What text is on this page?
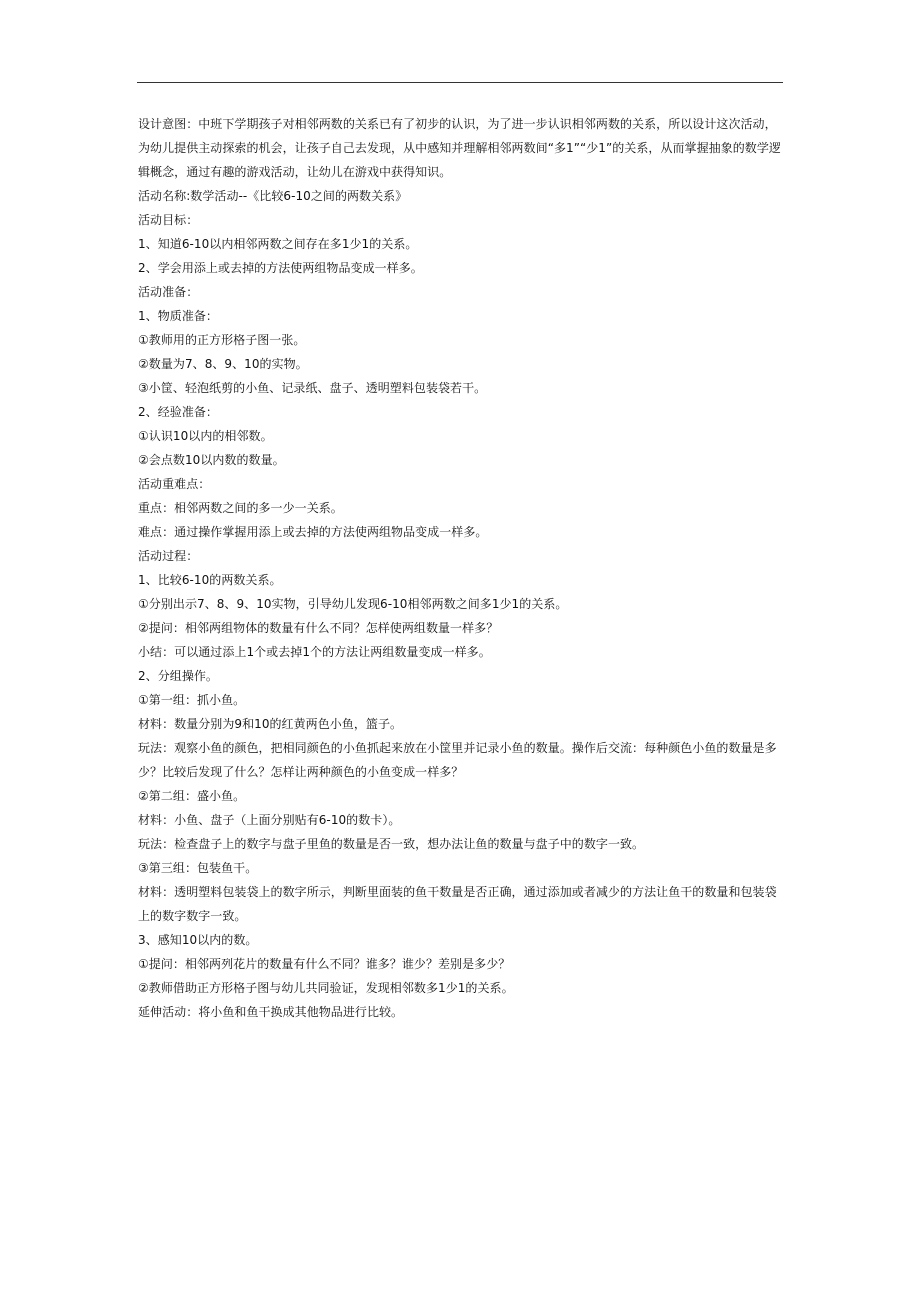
设计意图：中班下学期孩子对相邻两数的关系已有了初步的认识，为了进一步认识相邻两数的关系，所以设计这次活动，为幼儿提供主动探索的机会，让孩子自己去发现，从中感知并理解相邻两数间“多1”“少1”的关系，从而掌握抽象的数学逻辑概念，通过有趣的游戏活动，让幼儿在游戏中获得知识。

活动名称:数学活动--《比较6-10之间的两数关系》

活动目标：

1、知道6-10以内相邻两数之间存在多1少1的关系。

2、学会用添上或去掉的方法使两组物品变成一样多。

活动准备：

1、物质准备：

①教师用的正方形格子图一张。

②数量为7、8、9、10的实物。

③小筐、轻泡纸剪的小鱼、记录纸、盘子、透明塑料包装袋若干。

2、经验准备：

①认识10以内的相邻数。

②会点数10以内数的数量。

活动重难点：

重点：相邻两数之间的多一少一关系。

难点：通过操作掌握用添上或去掉的方法使两组物品变成一样多。

活动过程：

1、比较6-10的两数关系。

①分别出示7、8、9、10实物，引导幼儿发现6-10相邻两数之间多1少1的关系。

②提问：相邻两组物体的数量有什么不同？怎样使两组数量一样多？

小结：可以通过添上1个或去掉1个的方法让两组数量变成一样多。

2、分组操作。

①第一组：抓小鱼。

材料：数量分别为9和10的红黄两色小鱼，篮子。

玩法：观察小鱼的颜色，把相同颜色的小鱼抓起来放在小筐里并记录小鱼的数量。操作后交流：每种颜色小鱼的数量是多少？比较后发现了什么？怎样让两种颜色的小鱼变成一样多？

②第二组：盛小鱼。

材料：小鱼、盘子（上面分别贴有6-10的数卡）。

玩法：检查盘子上的数字与盘子里鱼的数量是否一致，想办法让鱼的数量与盘子中的数字一致。

③第三组：包装鱼干。

材料：透明塑料包装袋上的数字所示，判断里面装的鱼干数量是否正确，通过添加或者减少的方法让鱼干的数量和包装袋上的数字数字一致。

3、感知10以内的数。

①提问：相邻两列花片的数量有什么不同？谁多？谁少？差别是多少？

②教师借助正方形格子图与幼儿共同验证，发现相邻数多1少1的关系。

延伸活动：将小鱼和鱼干换成其他物品进行比较。
